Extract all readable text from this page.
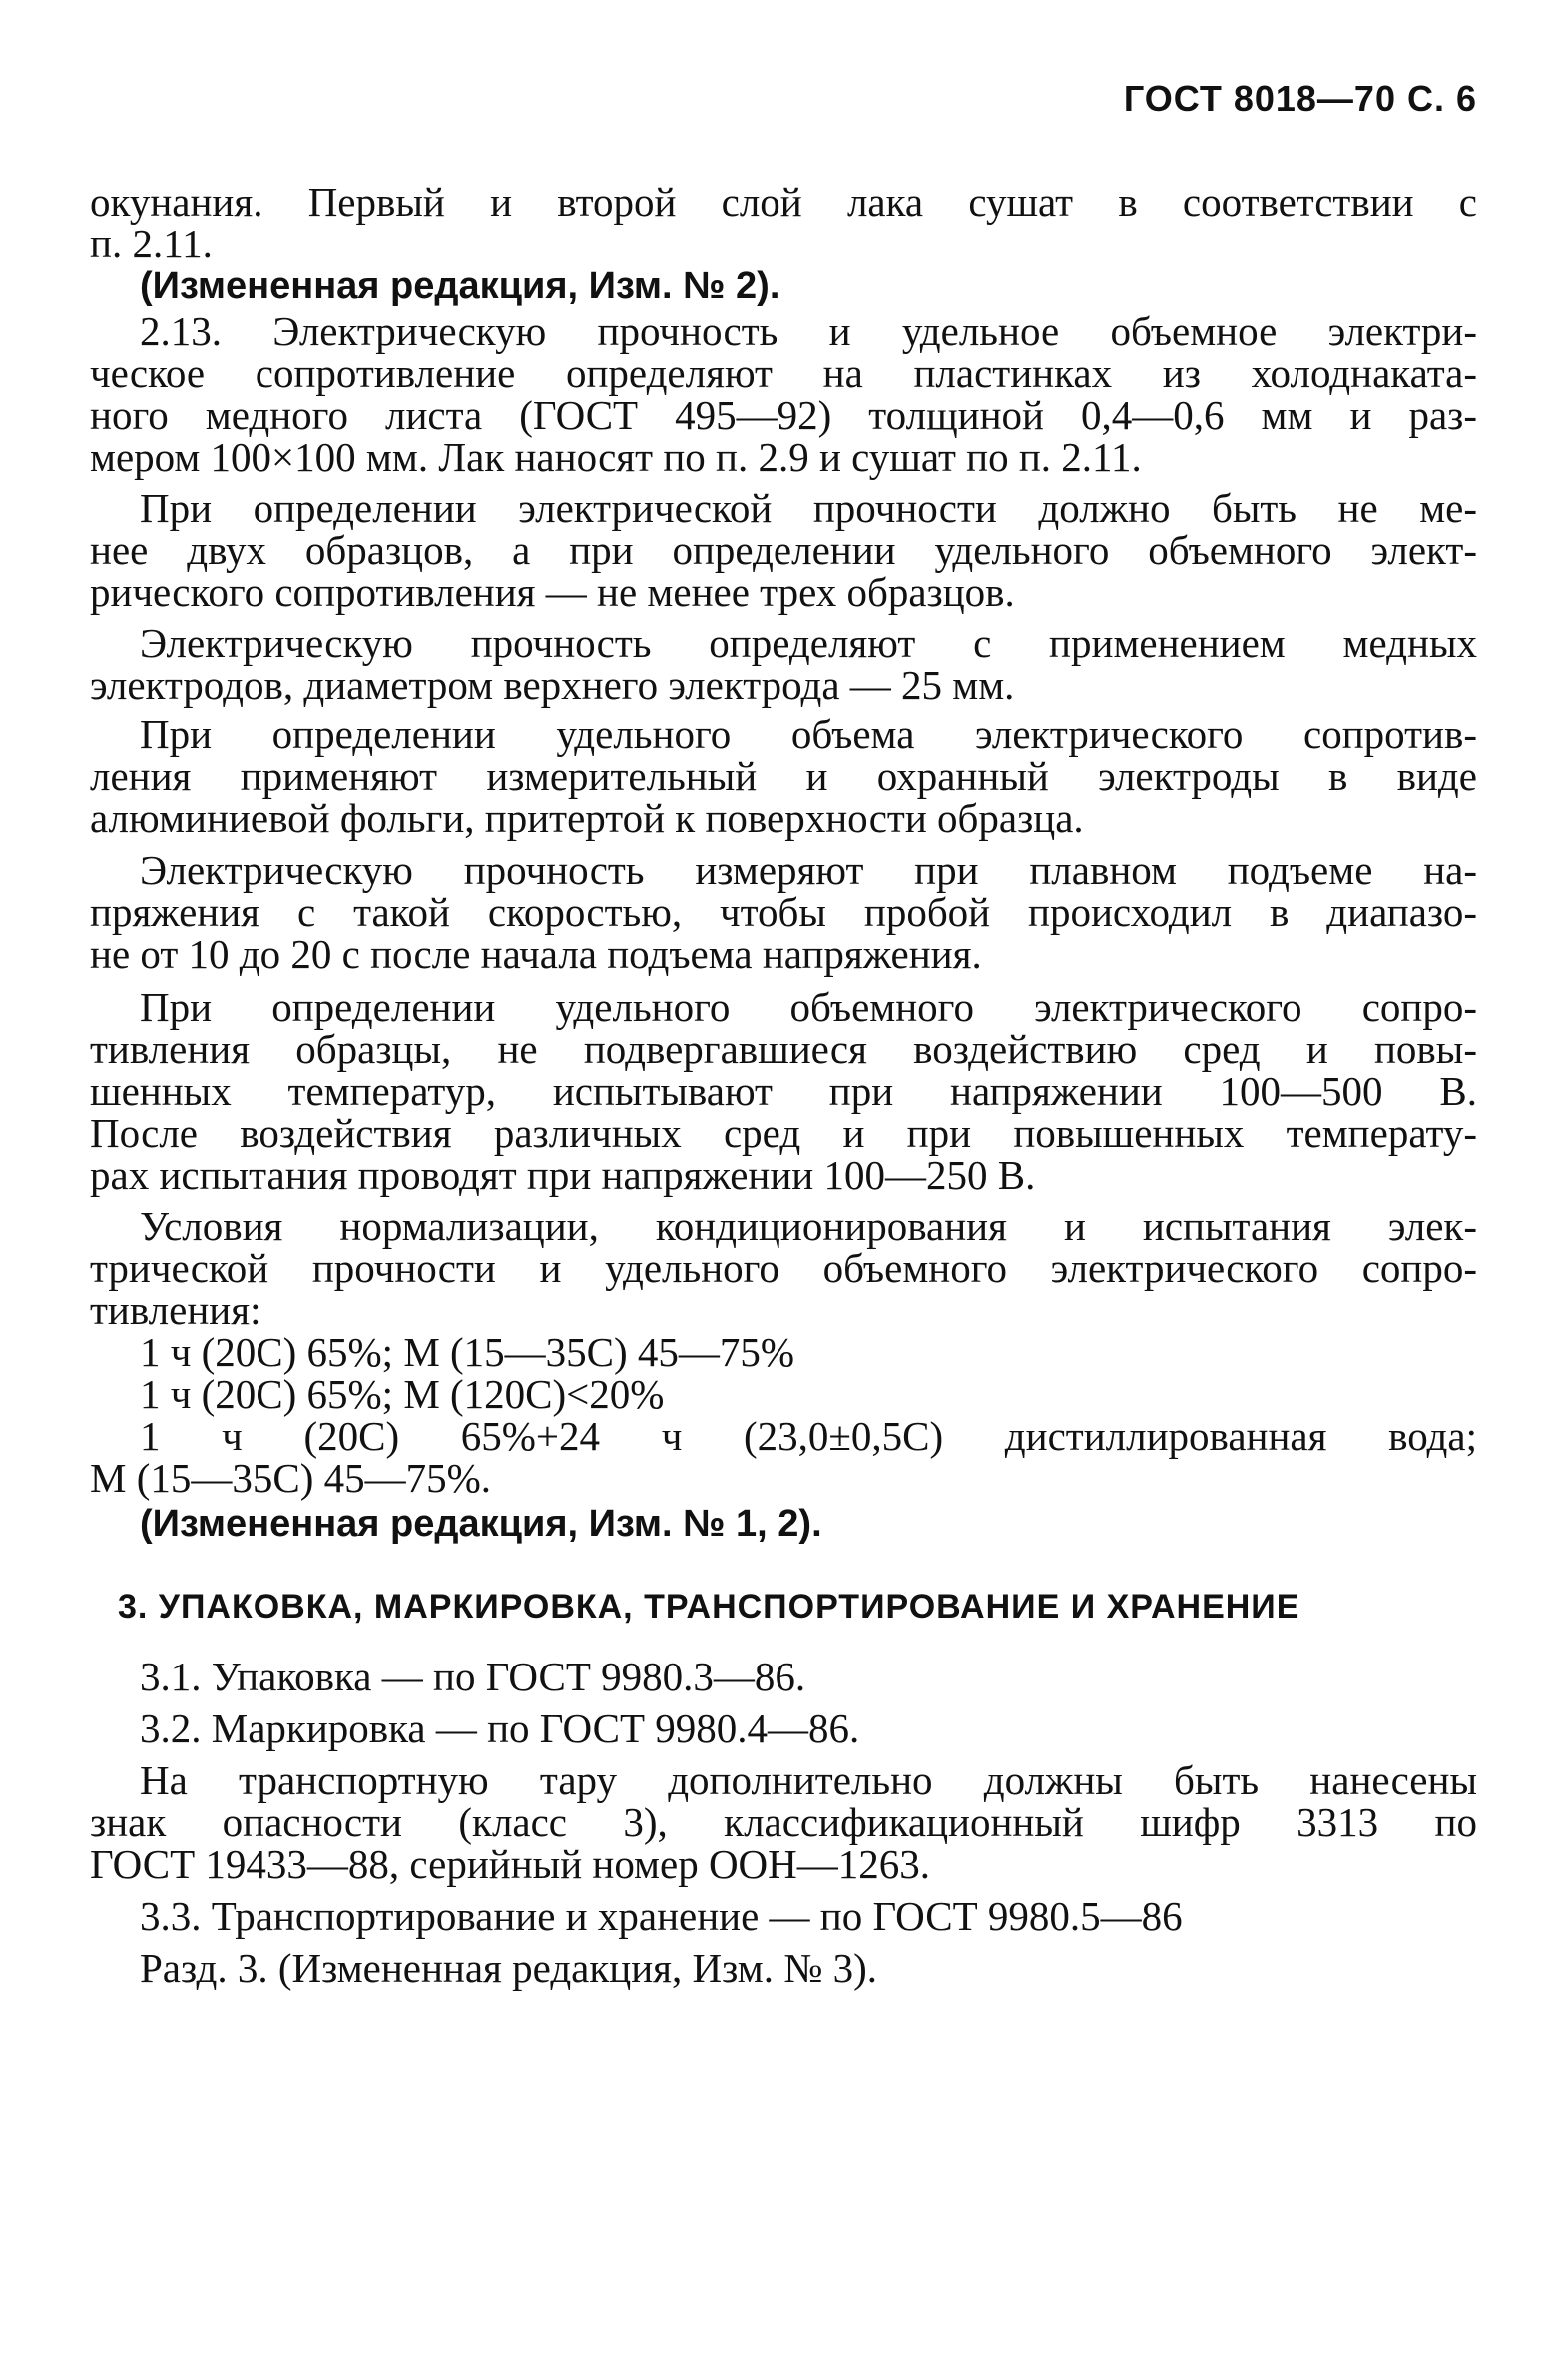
ГОСТ 8018—70 С. 6
окунания. Первый и второй слой лака сушат в соответствии с
п. 2.11.
(Измененная редакция, Изм. № 2).
2.13. Электрическую прочность и удельное объемное электри-
ческое сопротивление определяют на пластинках из холоднаката-
ного медного листа (ГОСТ 495—92) толщиной 0,4—0,6 мм и раз-
мером 100×100 мм. Лак наносят по п. 2.9 и сушат по п. 2.11.
При определении электрической прочности должно быть не ме-
нее двух образцов, а при определении удельного объемного элект-
рического сопротивления — не менее трех образцов.
Электрическую прочность определяют с применением медных
электродов, диаметром верхнего электрода — 25 мм.
При определении удельного объема электрического сопротив-
ления применяют измерительный и охранный электроды в виде
алюминиевой фольги, притертой к поверхности образца.
Электрическую прочность измеряют при плавном подъеме на-
пряжения с такой скоростью, чтобы пробой происходил в диапазо-
не от 10 до 20 с после начала подъема напряжения.
При определении удельного объемного электрического сопро-
тивления образцы, не подвергавшиеся воздействию сред и повы-
шенных температур, испытывают при напряжении 100—500 В.
После воздействия различных сред и при повышенных температу-
рах испытания проводят при напряжении 100—250 В.
Условия нормализации, кондиционирования и испытания элек-
трической прочности и удельного объемного электрического сопро-
тивления:
1 ч (20С) 65%; М (15—35С) 45—75%
1 ч (20С) 65%; М (120С)<20%
1 ч (20С) 65%+24 ч (23,0±0,5С) дистиллированная вода;
М (15—35С) 45—75%.
(Измененная редакция, Изм. № 1, 2).
3. УПАКОВКА, МАРКИРОВКА, ТРАНСПОРТИРОВАНИЕ И ХРАНЕНИЕ
3.1. Упаковка — по ГОСТ 9980.3—86.
3.2. Маркировка — по ГОСТ 9980.4—86.
На транспортную тару дополнительно должны быть нанесены
знак опасности (класс 3), классификационный шифр 3313 по
ГОСТ 19433—88, серийный номер ООН—1263.
3.3. Транспортирование и хранение — по ГОСТ 9980.5—86
Разд. 3. (Измененная редакция, Изм. № 3).
